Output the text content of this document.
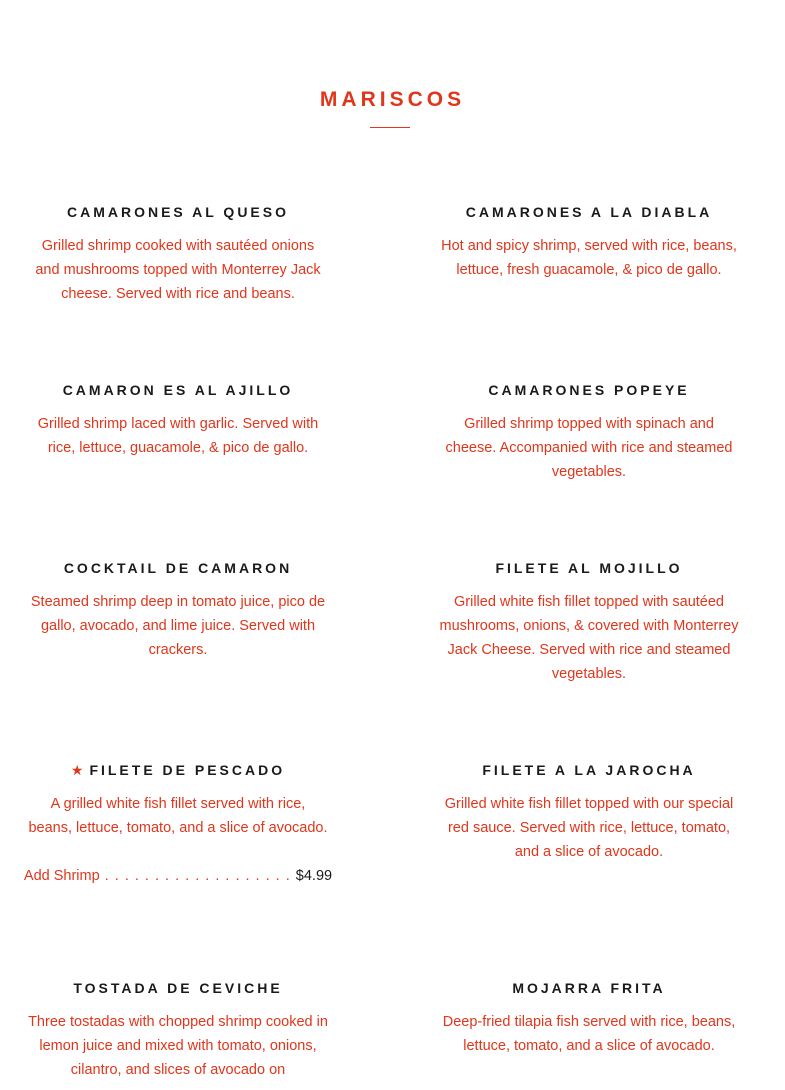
MARISCOS
CAMARONES AL QUESO
Grilled shrimp cooked with sautéed onions and mushrooms topped with Monterrey Jack cheese. Served with rice and beans.
CAMARONES A LA DIABLA
Hot and spicy shrimp, served with rice, beans, lettuce, fresh guacamole, & pico de gallo.
CAMARON ES AL AJILLO
Grilled shrimp laced with garlic. Served with rice, lettuce, guacamole, & pico de gallo.
CAMARONES POPEYE
Grilled shrimp topped with spinach and cheese. Accompanied with rice and steamed vegetables.
COCKTAIL DE CAMARON
Steamed shrimp deep in tomato juice, pico de gallo, avocado, and lime juice. Served with crackers.
FILETE AL MOJILLO
Grilled white fish fillet topped with sautéed mushrooms, onions, & covered with Monterrey Jack Cheese. Served with rice and steamed vegetables.
★ FILETE DE PESCADO
A grilled white fish fillet served with rice, beans, lettuce, tomato, and a slice of avocado.
Add Shrimp . . . . . . . . . . . . . . . . . . . $4.99
FILETE A LA JAROCHA
Grilled white fish fillet topped with our special red sauce. Served with rice, lettuce, tomato, and a slice of avocado.
TOSTADA DE CEVICHE
Three tostadas with chopped shrimp cooked in lemon juice and mixed with tomato, onions, cilantro, and slices of avocado on
MOJARRA FRITA
Deep-fried tilapia fish served with rice, beans, lettuce, tomato, and a slice of avocado.
